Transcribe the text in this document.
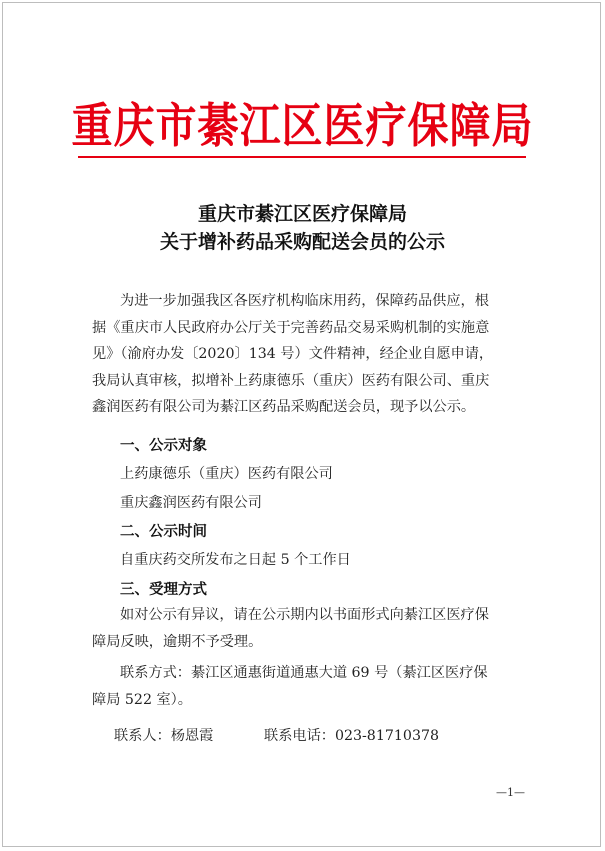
重庆市綦江区医疗保障局
重庆市綦江区医疗保障局
关于增补药品采购配送会员的公示
为进一步加强我区各医疗机构临床用药，保障药品供应，根
据《重庆市人民政府办公厅关于完善药品交易采购机制的实施意
见》（渝府办发〔2020〕134 号）文件精神，经企业自愿申请，
我局认真审核，拟增补上药康德乐（重庆）医药有限公司、重庆
鑫润医药有限公司为綦江区药品采购配送会员，现予以公示。
一、公示对象
上药康德乐（重庆）医药有限公司
重庆鑫润医药有限公司
二、公示时间
自重庆药交所发布之日起 5 个工作日
三、受理方式
如对公示有异议，请在公示期内以书面形式向綦江区医疗保
障局反映，逾期不予受理。
联系方式：綦江区通惠街道通惠大道 69 号（綦江区医疗保
障局 522 室）。
联系人：杨恩霞	联系电话：023-81710378
—1—
